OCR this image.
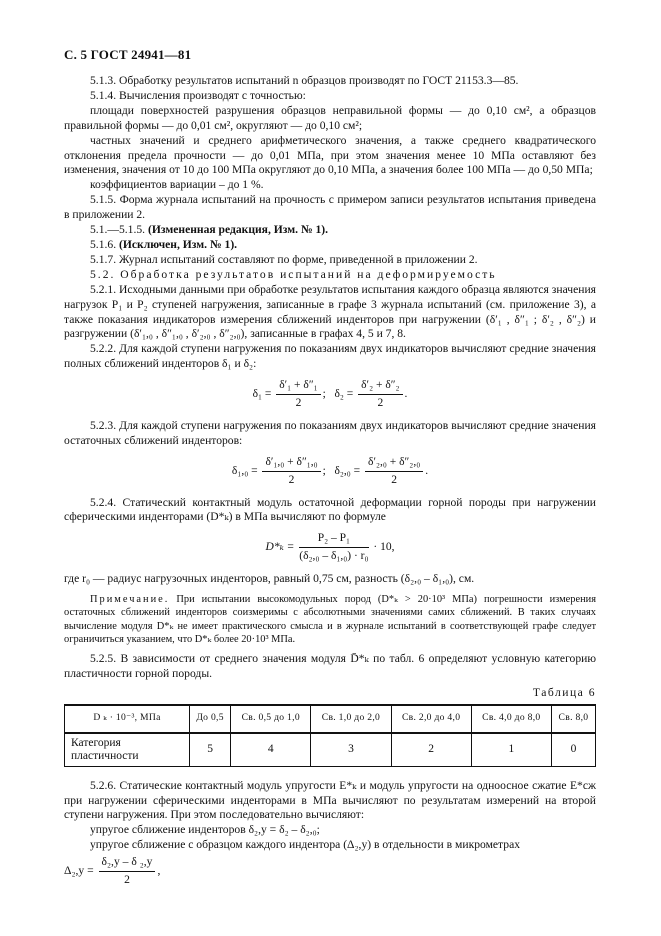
С. 5 ГОСТ 24941—81

5.1.3. Обработку результатов испытаний n образцов производят по ГОСТ 21153.3—85.

5.1.4. Вычисления производят с точностью:

площади поверхностей разрушения образцов неправильной формы — до 0,10 см², а образцов правильной формы — до 0,01 см², округляют — до 0,10 см²;

частных значений и среднего арифметического значения, а также среднего квадратического отклонения предела прочности — до 0,01 МПа, при этом значения менее 10 МПа оставляют без изменения, значения от 10 до 100 МПа округляют до 0,10 МПа, а значения более 100 МПа — до 0,50 МПа;

коэффициентов вариации – до 1 %.

5.1.5. Форма журнала испытаний на прочность с примером записи результатов испытания приведена в приложении 2.

5.1.—5.1.5. (Измененная редакция, Изм. № 1).

5.1.6. (Исключен, Изм. № 1).

5.1.7. Журнал испытаний составляют по форме, приведенной в приложении 2.

5.2. Обработка результатов испытаний на деформируемость

5.2.1. Исходными данными при обработке результатов испытания каждого образца являются значения нагрузок P₁ и P₂ ступеней нагружения, записанные в графе 3 журнала испытаний (см. приложение 3), а также показания индикаторов измерения сближений инденторов при нагружении (δ′₁ , δ″₁ ; δ′₂ , δ″₂) и разгружении (δ′₁,₀ , δ″₁,₀ , δ′₂,₀ , δ″₂,₀), записанные в графах 4, 5 и 7, 8.

5.2.2. Для каждой ступени нагружения по показаниям двух индикаторов вычисляют средние значения полных сближений инденторов δ₁ и δ₂:

$\delta_1 = \frac{\text{δ′₁ + δ″₁}}{2}$ ; $\delta_2 = \frac{\text{δ′₂ + δ″₂}}{2}$ .

5.2.3. Для каждой ступени нагружения по показаниям двух индикаторов вычисляют средние значения остаточных сближений инденторов:

$\delta_1,_0 = \frac{\text{δ′₁,₀ + δ″₁,₀}}{2}$ ; $\delta_2,_0 = \frac{\text{δ′₂,₀ + δ″₂,₀}}{2}$ .

5.2.4. Статический контактный модуль остаточной деформации горной породы при нагружении сферическими инденторами (D*ₖ) в МПа вычисляют по формуле

$D*_k = \frac{\text{P₂ – P₁}}{\text{(δ₂,₀ – δ₁,₀) · r₀}} \cdot 10$,

где r₀ — радиус нагрузочных инденторов, равный 0,75 см, разность (δ₂,₀ – δ₁,₀), см.

Примечание. При испытании высокомодульных пород (D*ₖ > 20·10³ МПа) погрешности измерения остаточных сближений инденторов соизмеримы с абсолютными значениями самих сближений. В таких случаях вычисление модуля D*ₖ не имеет практического смысла и в журнале испытаний в соответствующей графе следует ограничиться указанием, что D*ₖ более 20·10³ МПа.

5.2.5. В зависимости от среднего значения модуля D̄*ₖ по табл. 6 определяют условную категорию пластичности горной породы.

Таблица 6
D ₖ · 10⁻³, МПа	До 0,5	Св. 0,5 до 1,0	Св. 1,0 до 2,0	Св. 2,0 до 4,0	Св. 4,0 до 8,0	Св. 8,0
Категория пластичности	5	4	3	2	1	0

5.2.6. Статические контактный модуль упругости E*ₖ и модуль упругости на одноосное сжатие E*сж при нагружении сферическими инденторами в МПа вычисляют по результатам измерений на второй ступени нагружения. При этом последовательно вычисляют:

упругое сближение инденторов δ₂,у = δ₂ – δ₂,₀;

упругое сближение с образцом каждого индентора (Δ₂,у) в отдельности в микрометрах

$\Delta_2,у = \frac{\text{δ₂,у – δ ₂,у}}{2}$ ,
